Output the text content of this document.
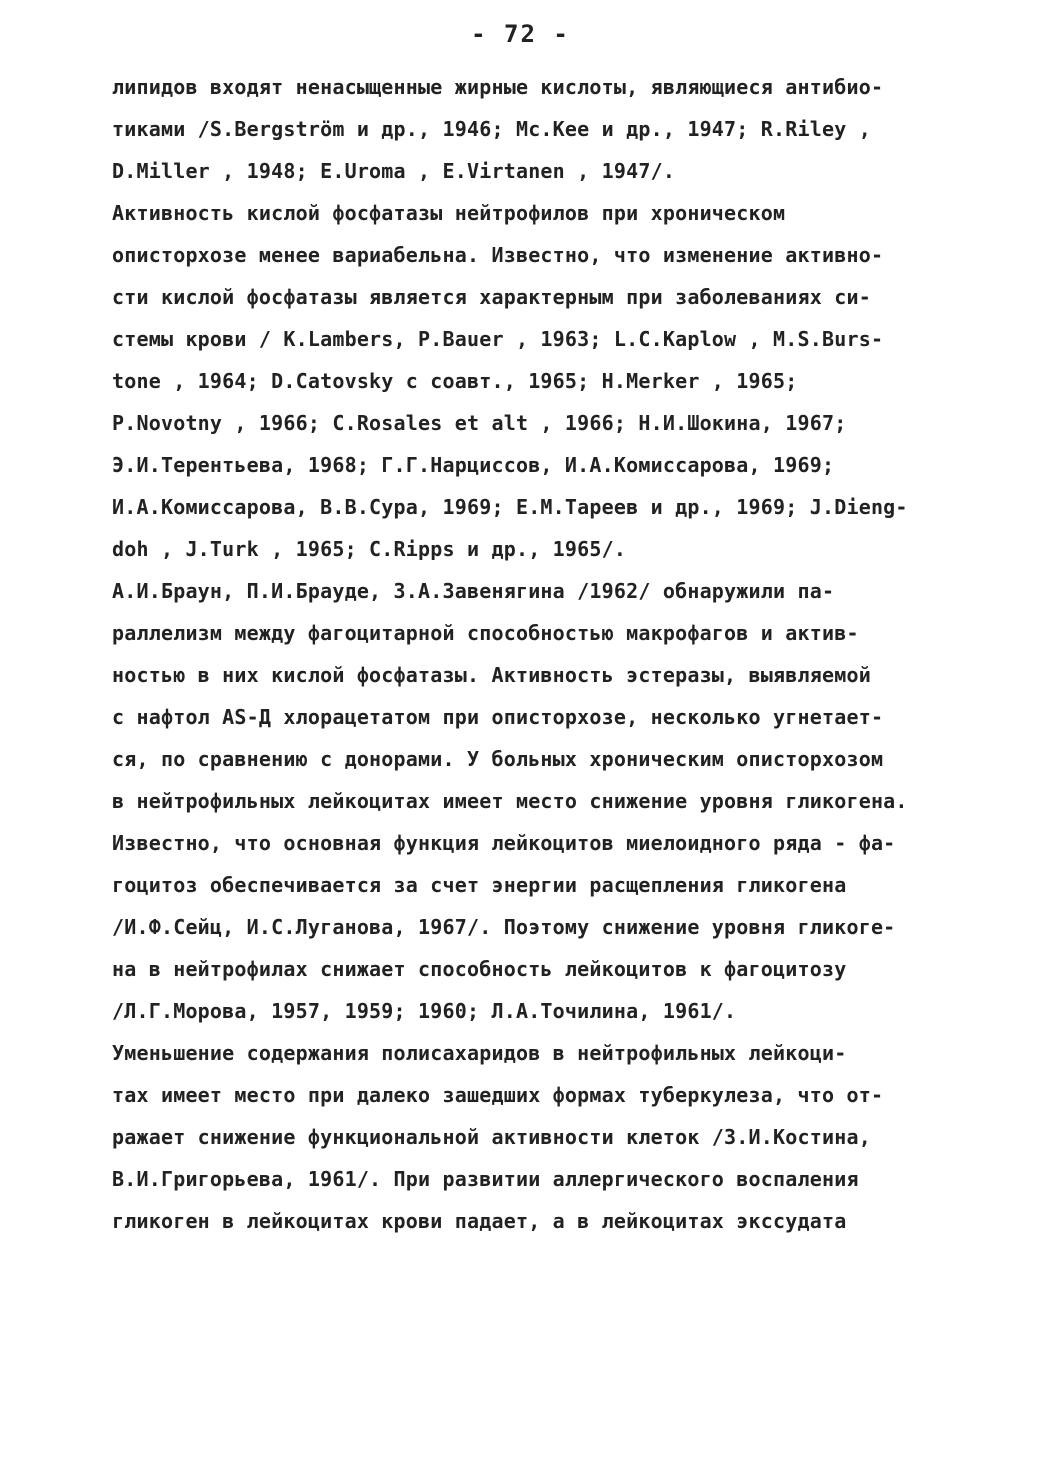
- 72 -
липидов входят ненасыщенные жирные кислоты, являющиеся антибио-
тиками /S.Bergström и др., 1946; Mc.Kee и др., 1947; R.Riley ,
D.Miller , 1948; E.Uroma , E.Virtanen , 1947/.
Активность кислой фосфатазы нейтрофилов при хроническом
описторхозе менее вариабельна. Известно, что изменение активно-
сти кислой фосфатазы является характерным при заболеваниях си-
стемы крови / K.Lambers, P.Bauer , 1963; L.C.Kaplow , M.S.Burs-
tone , 1964; D.Catovsky с соавт., 1965; H.Merker , 1965;
P.Novotny , 1966; C.Rosales et alt , 1966; Н.И.Шокина, 1967;
Э.И.Терентьева, 1968; Г.Г.Нарциссов, И.А.Комиссарова, 1969;
И.А.Комиссарова, В.В.Сура, 1969; Е.М.Тареев и др., 1969; J.Dieng-
doh , J.Turk , 1965; C.Ripps и др., 1965/.
А.И.Браун, П.И.Брауде, З.А.Завенягина /1962/ обнаружили па-
раллелизм между фагоцитарной способностью макрофагов и актив-
ностью в них кислой фосфатазы. Активность эстеразы, выявляемой
с нафтол AS-Д хлорацетатом при описторхозе, несколько угнетает-
ся, по сравнению с донорами. У больных хроническим описторхозом
в нейтрофильных лейкоцитах имеет место снижение уровня гликогена.
Известно, что основная функция лейкоцитов миелоидного ряда - фа-
гоцитоз обеспечивается за счет энергии расщепления гликогена
/И.Ф.Сейц, И.С.Луганова, 1967/. Поэтому снижение уровня гликоге-
на в нейтрофилах снижает способность лейкоцитов к фагоцитозу
/Л.Г.Морова, 1957, 1959; 1960; Л.А.Точилина, 1961/.
Уменьшение содержания полисахаридов в нейтрофильных лейкоци-
тах имеет место при далеко зашедших формах туберкулеза, что от-
ражает снижение функциональной активности клеток /З.И.Костина,
В.И.Григорьева, 1961/. При развитии аллергического воспаления
гликоген в лейкоцитах крови падает, а в лейкоцитах экссудата
